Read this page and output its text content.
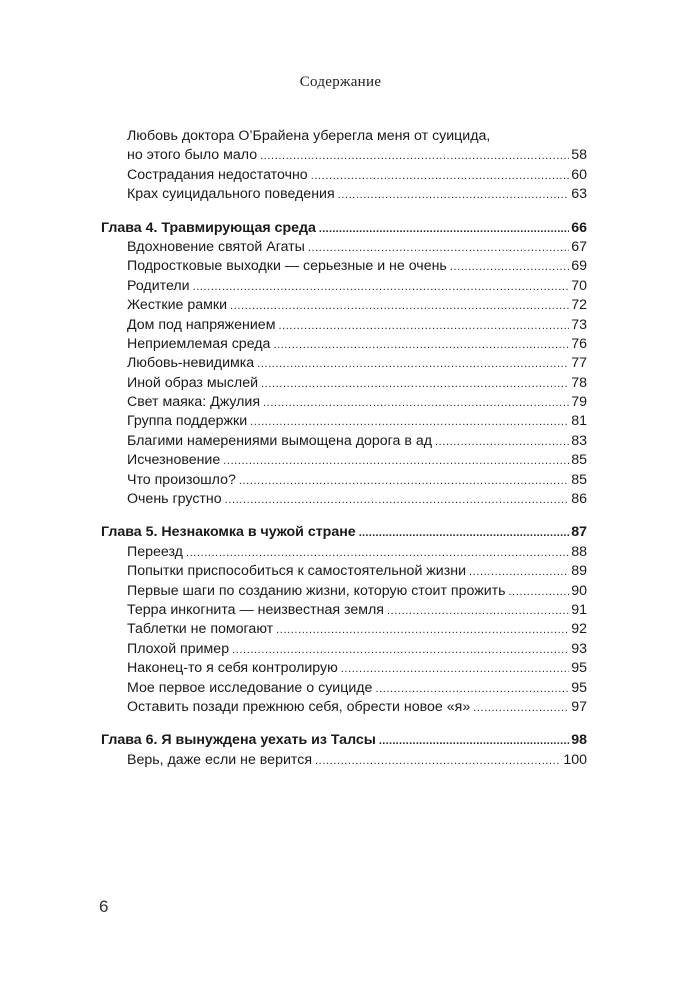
Содержание
Любовь доктора О’Брайена уберегла меня от суицида,
но этого было мало .....	58
Сострадания недостаточно .....	60
Крах суицидального поведения .....	63
Глава 4. Травмирующая среда .....	66
Вдохновение святой Агаты .....	67
Подростковые выходки — серьезные и не очень .....	69
Родители .....	70
Жесткие рамки .....	72
Дом под напряжением .....	73
Неприемлемая среда .....	76
Любовь-невидимка .....	77
Иной образ мыслей .....	78
Свет маяка: Джулия .....	79
Группа поддержки .....	81
Благими намерениями вымощена дорога в ад .....	83
Исчезновение .....	85
Что произошло? .....	85
Очень грустно .....	86
Глава 5. Незнакомка в чужой стране .....	87
Переезд .....	88
Попытки приспособиться к самостоятельной жизни .....	89
Первые шаги по созданию жизни, которую стоит прожить .....	90
Терра инкогнита — неизвестная земля .....	91
Таблетки не помогают .....	92
Плохой пример .....	93
Наконец-то я себя контролирую .....	95
Мое первое исследование о суициде .....	95
Оставить позади прежнюю себя, обрести новое «я» .....	97
Глава 6. Я вынуждена уехать из Талсы .....	98
Верь, даже если не верится .....	100
6
